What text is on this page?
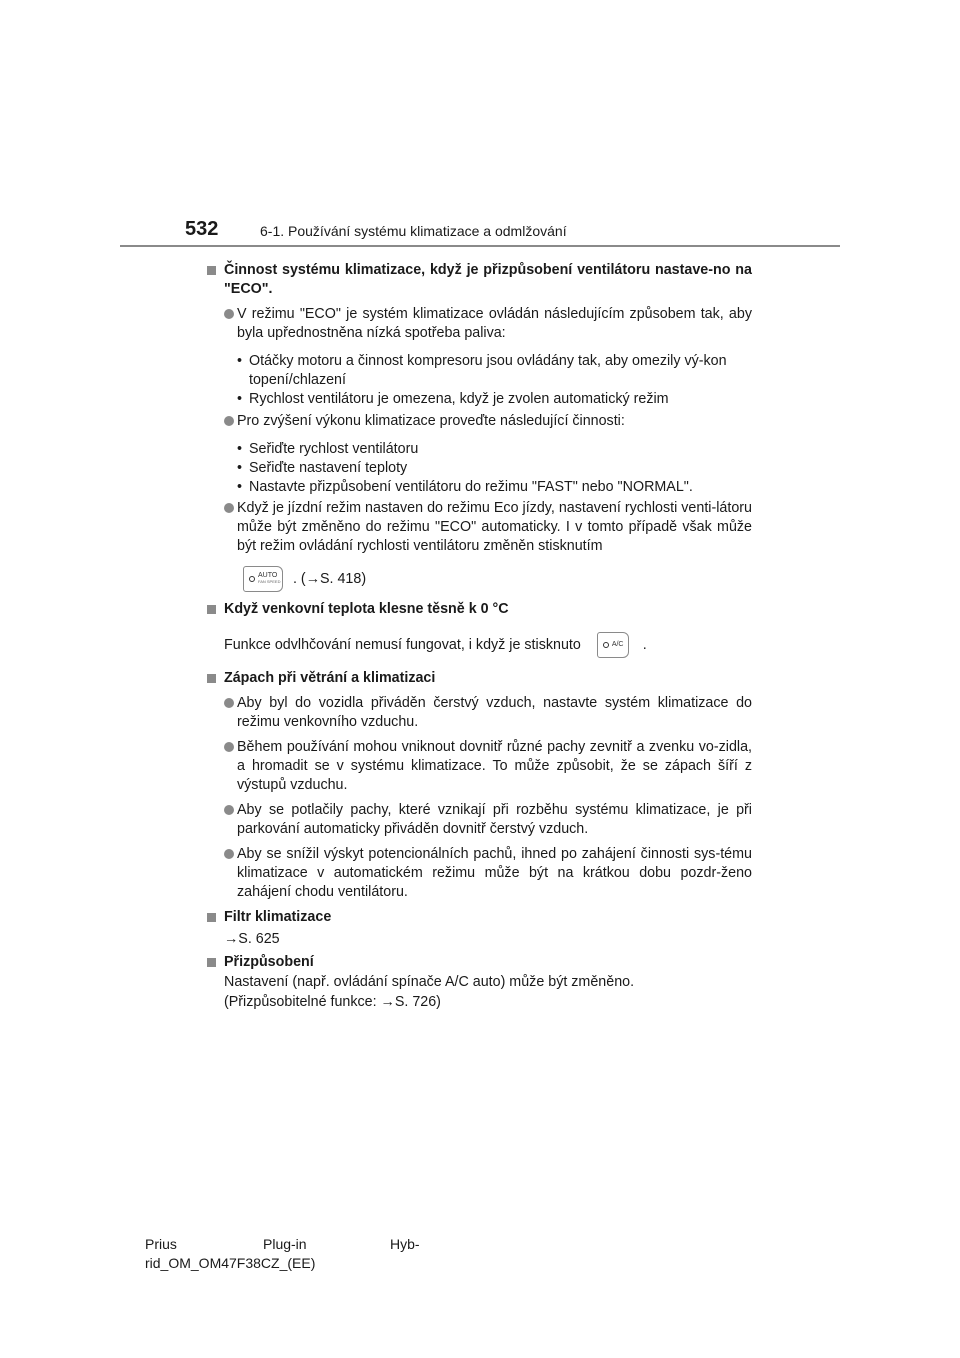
532	6-1. Používání systému klimatizace a odmlžování
Činnost systému klimatizace, když je přizpůsobení ventilátoru nastave-no na "ECO".
V režimu "ECO" je systém klimatizace ovládán následujícím způsobem tak, aby byla upřednostněna nízká spotřeba paliva:
• Otáčky motoru a činnost kompresoru jsou ovládány tak, aby omezily vý-kon topení/chlazení
• Rychlost ventilátoru je omezena, když je zvolen automatický režim
Pro zvýšení výkonu klimatizace proveďte následující činnosti:
• Seřiďte rychlost ventilátoru
• Seřiďte nastavení teploty
• Nastavte přizpůsobení ventilátoru do režimu "FAST" nebo "NORMAL".
Když je jízdní režim nastaven do režimu Eco jízdy, nastavení rychlosti venti-látoru může být změněno do režimu "ECO" automaticky. I v tomto případě však může být režim ovládání rychlosti ventilátoru změněn stisknutím
AUTO
FAN SPEED . (→S. 418)
Když venkovní teplota klesne těsně k 0 °C
Funkce odvlhčování nemusí fungovat, i když je stisknuto	A/C .
Zápach při větrání a klimatizaci
Aby byl do vozidla přiváděn čerstvý vzduch, nastavte systém klimatizace do režimu venkovního vzduchu.
Během používání mohou vniknout dovnitř různé pachy zevnitř a zvenku vo-zidla, a hromadit se v systému klimatizace. To může způsobit, že se zápach šíří z výstupů vzduchu.
Aby se potlačily pachy, které vznikají při rozběhu systému klimatizace, je při parkování automaticky přiváděn dovnitř čerstvý vzduch.
Aby se snížil výskyt potencionálních pachů, ihned po zahájení činnosti sys-tému klimatizace v automatickém režimu může být na krátkou dobu pozdr-ženo zahájení chodu ventilátoru.
Filtr klimatizace
→S. 625
Přizpůsobení
Nastavení (např. ovládání spínače A/C auto) může být změněno.
(Přizpůsobitelné funkce: →S. 726)
Prius	Plug-in	Hyb-
rid_OM_OM47F38CZ_(EE)
